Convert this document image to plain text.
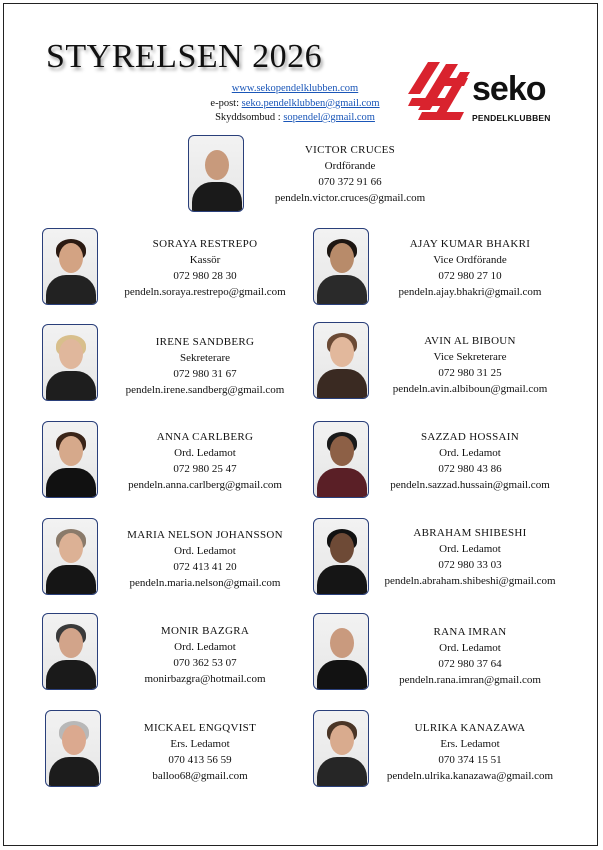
STYRELSEN 2026
www.sekopendelklubben.com
e-post: seko.pendelklubben@gmail.com
Skyddsombud : sopendel@gmail.com
seko
PENDELKLUBBEN
VICTOR CRUCES
Ordförande
070 372 91 66
pendeln.victor.cruces@gmail.com
SORAYA RESTREPO
Kassör
072 980 28 30
pendeln.soraya.restrepo@gmail.com
AJAY KUMAR BHAKRI
Vice Ordförande
072 980 27 10
pendeln.ajay.bhakri@gmail.com
IRENE SANDBERG
Sekreterare
072 980 31 67
pendeln.irene.sandberg@gmail.com
AVIN AL BIBOUN
Vice Sekreterare
072 980 31 25
pendeln.avin.albiboun@gmail.com
ANNA CARLBERG
Ord. Ledamot
072 980 25 47
pendeln.anna.carlberg@gmail.com
SAZZAD HOSSAIN
Ord. Ledamot
072 980 43 86
pendeln.sazzad.hussain@gmail.com
MARIA NELSON JOHANSSON
Ord. Ledamot
072 413 41 20
pendeln.maria.nelson@gmail.com
ABRAHAM SHIBESHI
Ord. Ledamot
072 980 33 03
pendeln.abraham.shibeshi@gmail.com
MONIR BAZGRA
Ord. Ledamot
070 362 53 07
monirbazgra@hotmail.com
RANA IMRAN
Ord. Ledamot
072 980 37 64
pendeln.rana.imran@gmail.com
MICKAEL ENGQVIST
Ers. Ledamot
070 413 56 59
balloo68@gmail.com
ULRIKA KANAZAWA
Ers. Ledamot
070 374 15 51
pendeln.ulrika.kanazawa@gmail.com
